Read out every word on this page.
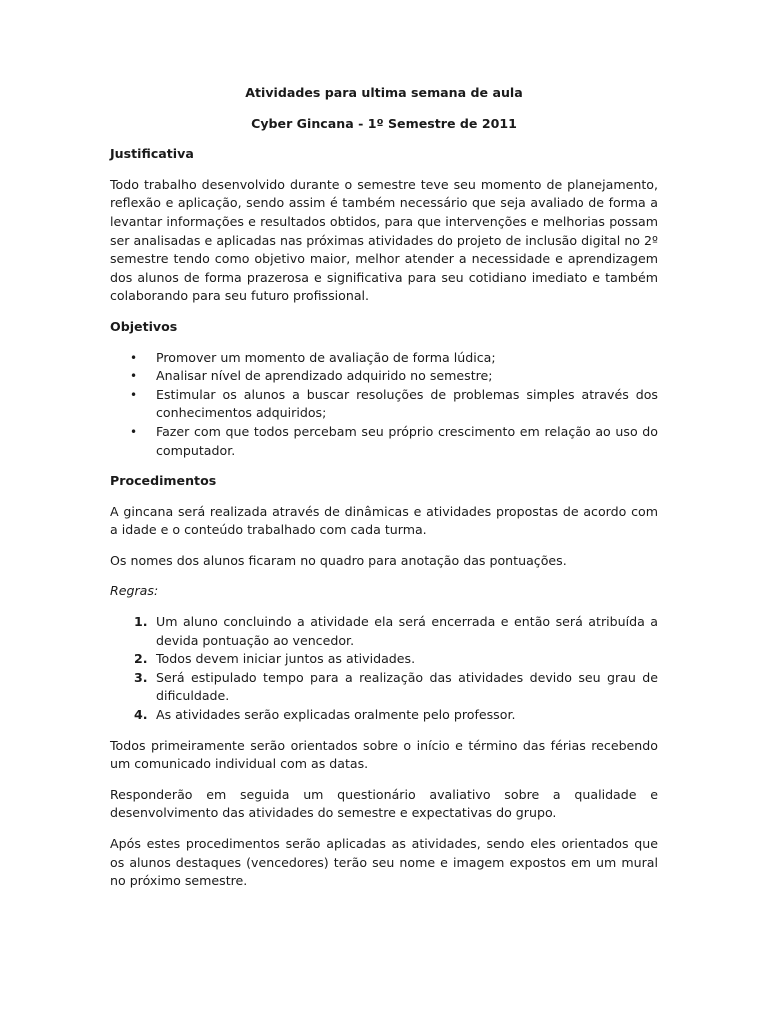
Atividades para ultima semana de aula

Cyber Gincana - 1º Semestre de 2011

Justificativa

Todo trabalho desenvolvido durante o semestre teve seu momento de planejamento, reflexão e aplicação, sendo assim é também necessário que seja avaliado de forma a levantar informações e resultados obtidos, para que intervenções e melhorias possam ser analisadas e aplicadas nas próximas atividades do projeto de inclusão digital no 2º semestre tendo como objetivo maior, melhor atender a necessidade e aprendizagem dos alunos de forma prazerosa e significativa para seu cotidiano imediato e também colaborando para seu futuro profissional.

Objetivos
• Promover um momento de avaliação de forma lúdica;
• Analisar nível de aprendizado adquirido no semestre;
• Estimular os alunos a buscar resoluções de problemas simples através dos conhecimentos adquiridos;
• Fazer com que todos percebam seu próprio crescimento em relação ao uso do computador.
Procedimentos

A gincana será realizada através de dinâmicas e atividades propostas de acordo com a idade e o conteúdo trabalhado com cada turma.

Os nomes dos alunos ficaram no quadro para anotação das pontuações.

Regras:

1. Um aluno concluindo a atividade ela será encerrada e então será atribuída a devida pontuação ao vencedor.
2. Todos devem iniciar juntos as atividades.
3. Será estipulado tempo para a realização das atividades devido seu grau de dificuldade.
4. As atividades serão explicadas oralmente pelo professor.

Todos primeiramente serão orientados sobre o início e término das férias recebendo um comunicado individual com as datas.

Responderão em seguida um questionário avaliativo sobre a qualidade e desenvolvimento das atividades do semestre e expectativas do grupo.

Após estes procedimentos serão aplicadas as atividades, sendo eles orientados que os alunos destaques (vencedores) terão seu nome e imagem expostos em um mural no próximo semestre.
